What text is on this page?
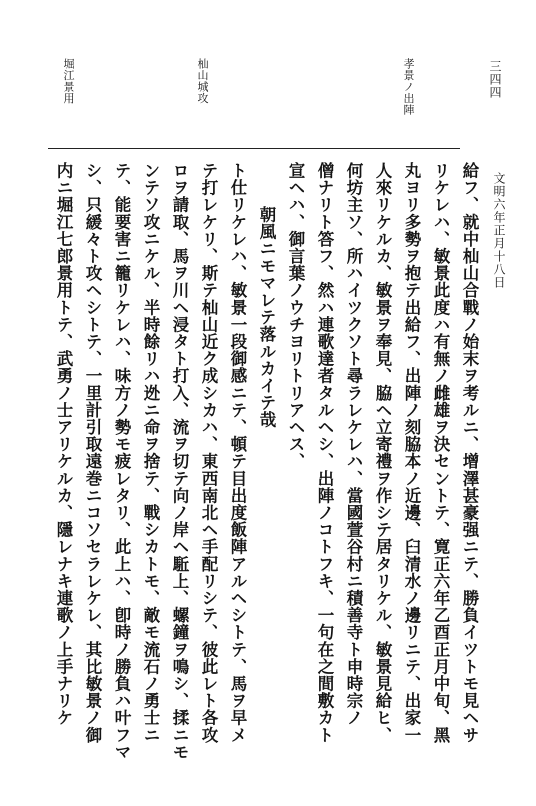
三四四
文明六年正月十八日
孝景ノ出陣
杣山城攻
堀江景用
給フ、就中杣山合戰ノ始末ヲ考ルニ、增澤甚豪强ニテ、勝負イツトモ見ヘサ
リケレハ、敏景此度ハ有無ノ雌雄ヲ決セントテ、寛正六年乙酉正月中旬、黑
丸ヨリ多勢ヲ抱テ出給フ、出陣ノ刻脇本ノ近邊、臼清水ノ邊リニテ、出家一
人來リケルカ、敏景ヲ奉見、脇ヘ立寄禮ヲ作シテ居タリケル、敏景見給ヒ、
何坊主ソ、所ハイツクソト尋ラレケレハ、當國萱谷村ニ積善寺ト申時宗ノ
僧ナリト答フ、然ハ連歌達者タルヘシ、出陣ノコトフキ、一句在之間敷カト
宣ヘハ、御言葉ノウチヨリトリアヘス、
朝風ニモマレテ落ルカイテ哉
ト仕リケレハ、敏景一段御感ニテ、頓テ目出度飯陣アルヘシトテ、馬ヲ早メ
テ打レケリ、斯テ杣山近ク成シカハ、東西南北ヘ手配リシテ、彼此レト各攻
ロヲ請取、馬ヲ川ヘ浸タト打入、流ヲ切テ向ノ岸ヘ駈上、螺鐘ヲ鳴シ、揉ニモ
ンテソ攻ニケル、半時餘リハ迯ニ命ヲ捨テ、戰シカトモ、敵モ流石ノ勇士ニ
テ、能要害ニ籠リケレハ、味方ノ勢モ疲レタリ、此上ハ、卽時ノ勝負ハ叶フマ
シ、只緩々ト攻ヘシトテ、一里計引取遠巻ニコソセラレケレ、其比敏景ノ御
内ニ堀江七郎景用トテ、武勇ノ士アリケルカ、隱レナキ連歌ノ上手ナリケ
